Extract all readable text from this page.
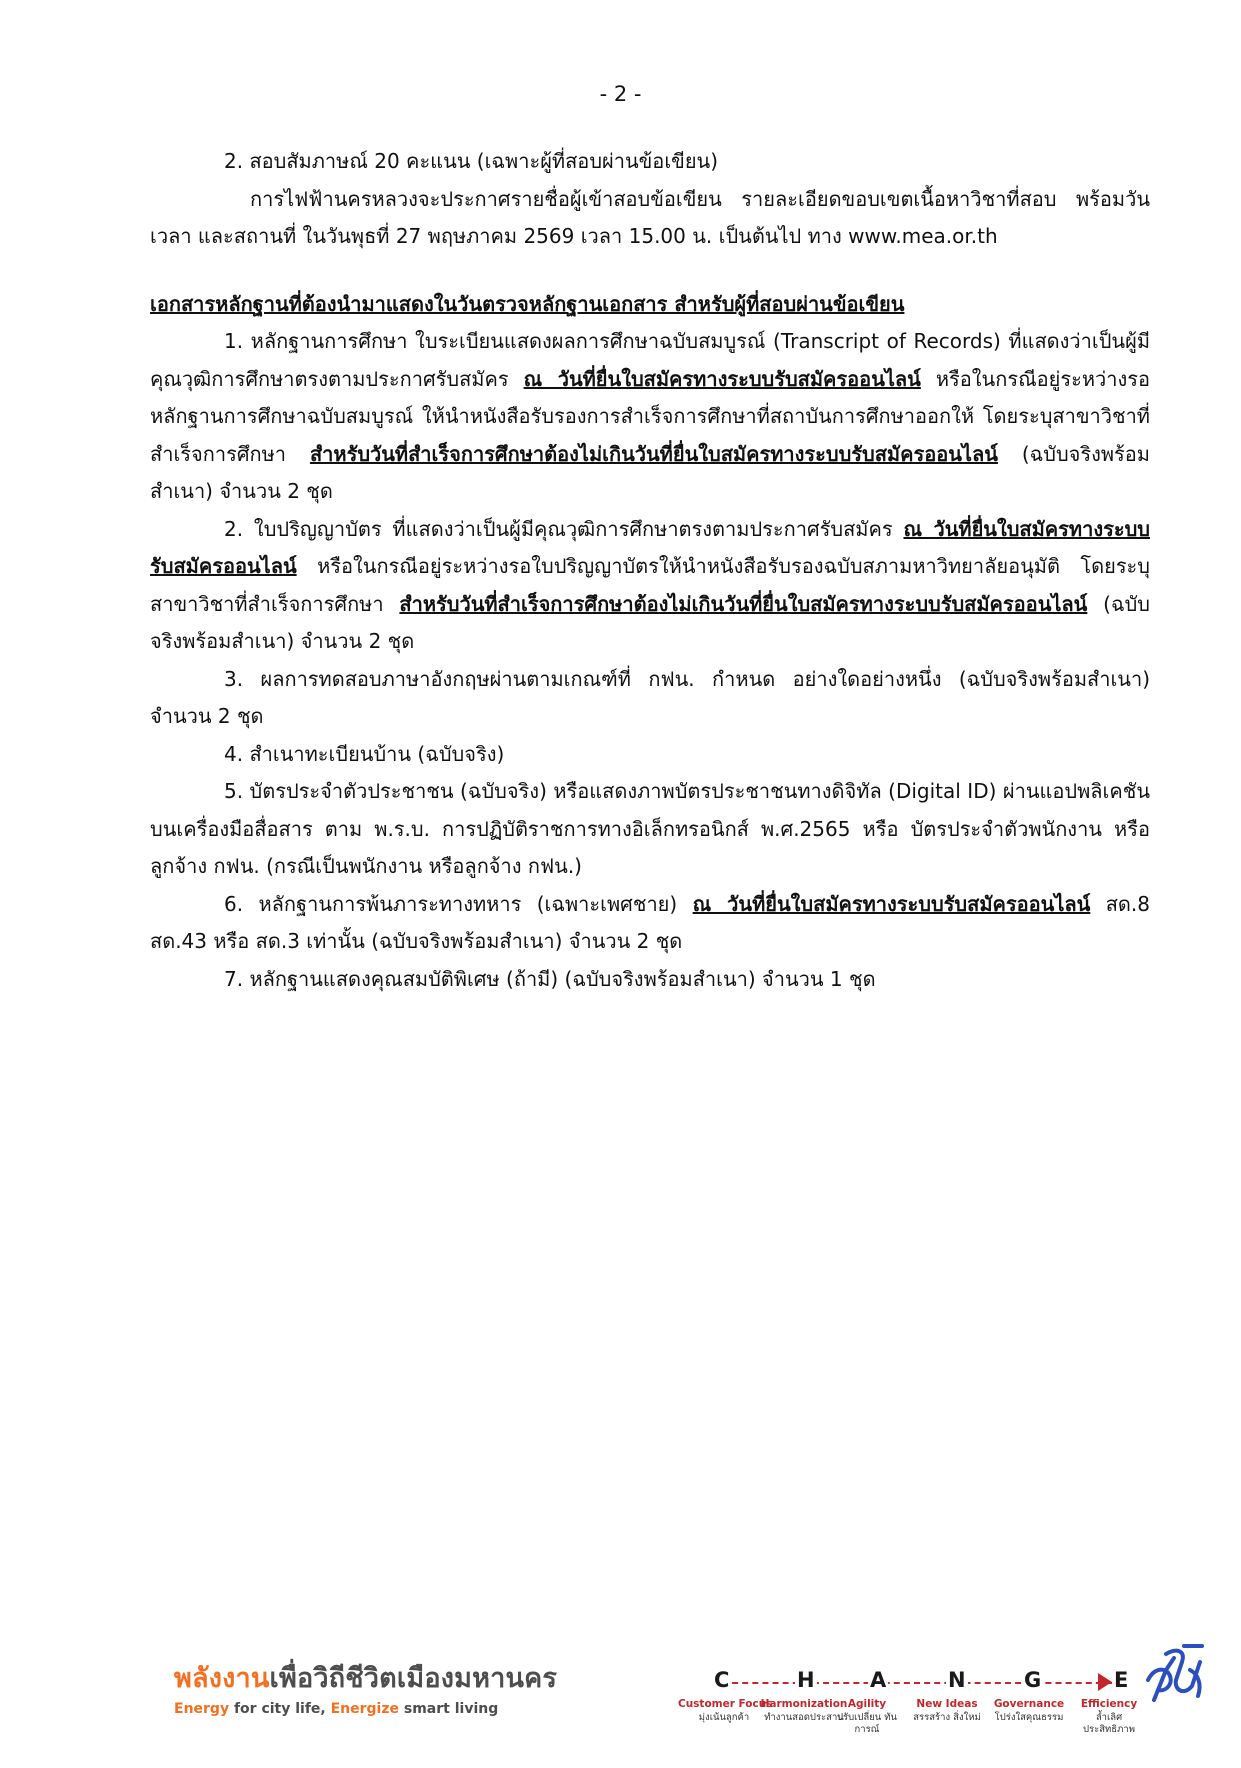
- 2 -

2. สอบสัมภาษณ์ 20 คะแนน (เฉพาะผู้ที่สอบผ่านข้อเขียน)

การไฟฟ้านครหลวงจะประกาศรายชื่อผู้เข้าสอบข้อเขียน รายละเอียดขอบเขตเนื้อหาวิชาที่สอบ พร้อมวัน เวลา และสถานที่ ในวันพุธที่ 27 พฤษภาคม 2569 เวลา 15.00 น. เป็นต้นไป ทาง www.mea.or.th

เอกสารหลักฐานที่ต้องนำมาแสดงในวันตรวจหลักฐานเอกสาร สำหรับผู้ที่สอบผ่านข้อเขียน

1. หลักฐานการศึกษา ใบระเบียนแสดงผลการศึกษาฉบับสมบูรณ์ (Transcript of Records) ที่แสดงว่าเป็นผู้มีคุณวุฒิการศึกษาตรงตามประกาศรับสมัคร ณ วันที่ยื่นใบสมัครทางระบบรับสมัครออนไลน์ หรือในกรณีอยู่ระหว่างรอหลักฐานการศึกษาฉบับสมบูรณ์ ให้นำหนังสือรับรองการสำเร็จการศึกษาที่สถาบันการศึกษาออกให้ โดยระบุสาขาวิชาที่สำเร็จการศึกษา สำหรับวันที่สำเร็จการศึกษาต้องไม่เกินวันที่ยื่นใบสมัครทางระบบรับสมัครออนไลน์ (ฉบับจริงพร้อมสำเนา) จำนวน 2 ชุด

2. ใบปริญญาบัตร ที่แสดงว่าเป็นผู้มีคุณวุฒิการศึกษาตรงตามประกาศรับสมัคร ณ วันที่ยื่นใบสมัครทางระบบรับสมัครออนไลน์ หรือในกรณีอยู่ระหว่างรอใบปริญญาบัตรให้นำหนังสือรับรองฉบับสภามหาวิทยาลัยอนุมัติ โดยระบุสาขาวิชาที่สำเร็จการศึกษา สำหรับวันที่สำเร็จการศึกษาต้องไม่เกินวันที่ยื่นใบสมัครทางระบบรับสมัครออนไลน์ (ฉบับจริงพร้อมสำเนา) จำนวน 2 ชุด

3. ผลการทดสอบภาษาอังกฤษผ่านตามเกณฑ์ที่ กฟน. กำหนด อย่างใดอย่างหนึ่ง (ฉบับจริงพร้อมสำเนา) จำนวน 2 ชุด

4. สำเนาทะเบียนบ้าน (ฉบับจริง)

5. บัตรประจำตัวประชาชน (ฉบับจริง) หรือแสดงภาพบัตรประชาชนทางดิจิทัล (Digital ID) ผ่านแอปพลิเคชันบนเครื่องมือสื่อสาร ตาม พ.ร.บ. การปฏิบัติราชการทางอิเล็กทรอนิกส์ พ.ศ.2565 หรือ บัตรประจำตัวพนักงาน หรือลูกจ้าง กฟน. (กรณีเป็นพนักงาน หรือลูกจ้าง กฟน.)

6. หลักฐานการพ้นภาระทางทหาร (เฉพาะเพศชาย) ณ วันที่ยื่นใบสมัครทางระบบรับสมัครออนไลน์ สด.8 สด.43 หรือ สด.3 เท่านั้น (ฉบับจริงพร้อมสำเนา) จำนวน 2 ชุด

7. หลักฐานแสดงคุณสมบัติพิเศษ (ถ้ามี) (ฉบับจริงพร้อมสำเนา) จำนวน 1 ชุด

พลังงานเพื่อวิถีชีวิตเมืองมหานคร
Energy for city life, Energize smart living
C	H	A	N	G	E
Customer Focus
มุ่งเน้นลูกค้า
Harmonization
ทำงานสอดประสาน
Agility
ปรับเปลี่ยน ทันการณ์
New Ideas
สรรสร้าง สิ่งใหม่
Governance
โปร่งใสคุณธรรม
Efficiency
ล้ำเลิศ ประสิทธิภาพ
